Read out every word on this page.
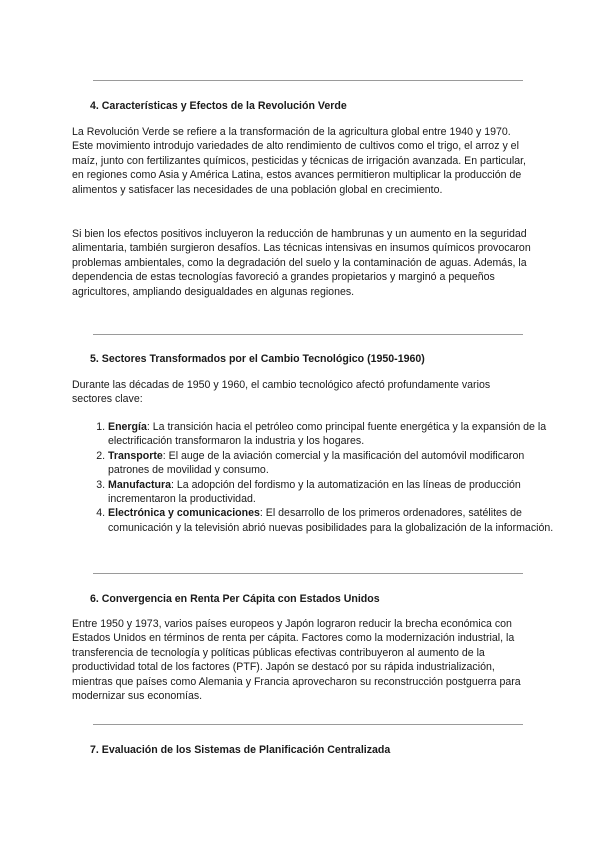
4. Características y Efectos de la Revolución Verde

La Revolución Verde se refiere a la transformación de la agricultura global entre 1940 y 1970. Este movimiento introdujo variedades de alto rendimiento de cultivos como el trigo, el arroz y el maíz, junto con fertilizantes químicos, pesticidas y técnicas de irrigación avanzada. En particular, en regiones como Asia y América Latina, estos avances permitieron multiplicar la producción de alimentos y satisfacer las necesidades de una población global en crecimiento.

Si bien los efectos positivos incluyeron la reducción de hambrunas y un aumento en la seguridad alimentaria, también surgieron desafíos. Las técnicas intensivas en insumos químicos provocaron problemas ambientales, como la degradación del suelo y la contaminación de aguas. Además, la dependencia de estas tecnologías favoreció a grandes propietarios y marginó a pequeños agricultores, ampliando desigualdades en algunas regiones.

5. Sectores Transformados por el Cambio Tecnológico (1950-1960)

Durante las décadas de 1950 y 1960, el cambio tecnológico afectó profundamente varios sectores clave:

1. Energía: La transición hacia el petróleo como principal fuente energética y la expansión de la electrificación transformaron la industria y los hogares.
2. Transporte: El auge de la aviación comercial y la masificación del automóvil modificaron patrones de movilidad y consumo.
3. Manufactura: La adopción del fordismo y la automatización en las líneas de producción incrementaron la productividad.
4. Electrónica y comunicaciones: El desarrollo de los primeros ordenadores, satélites de comunicación y la televisión abrió nuevas posibilidades para la globalización de la información.
6. Convergencia en Renta Per Cápita con Estados Unidos

Entre 1950 y 1973, varios países europeos y Japón lograron reducir la brecha económica con Estados Unidos en términos de renta per cápita. Factores como la modernización industrial, la transferencia de tecnología y políticas públicas efectivas contribuyeron al aumento de la productividad total de los factores (PTF). Japón se destacó por su rápida industrialización, mientras que países como Alemania y Francia aprovecharon su reconstrucción postguerra para modernizar sus economías.

7. Evaluación de los Sistemas de Planificación Centralizada
